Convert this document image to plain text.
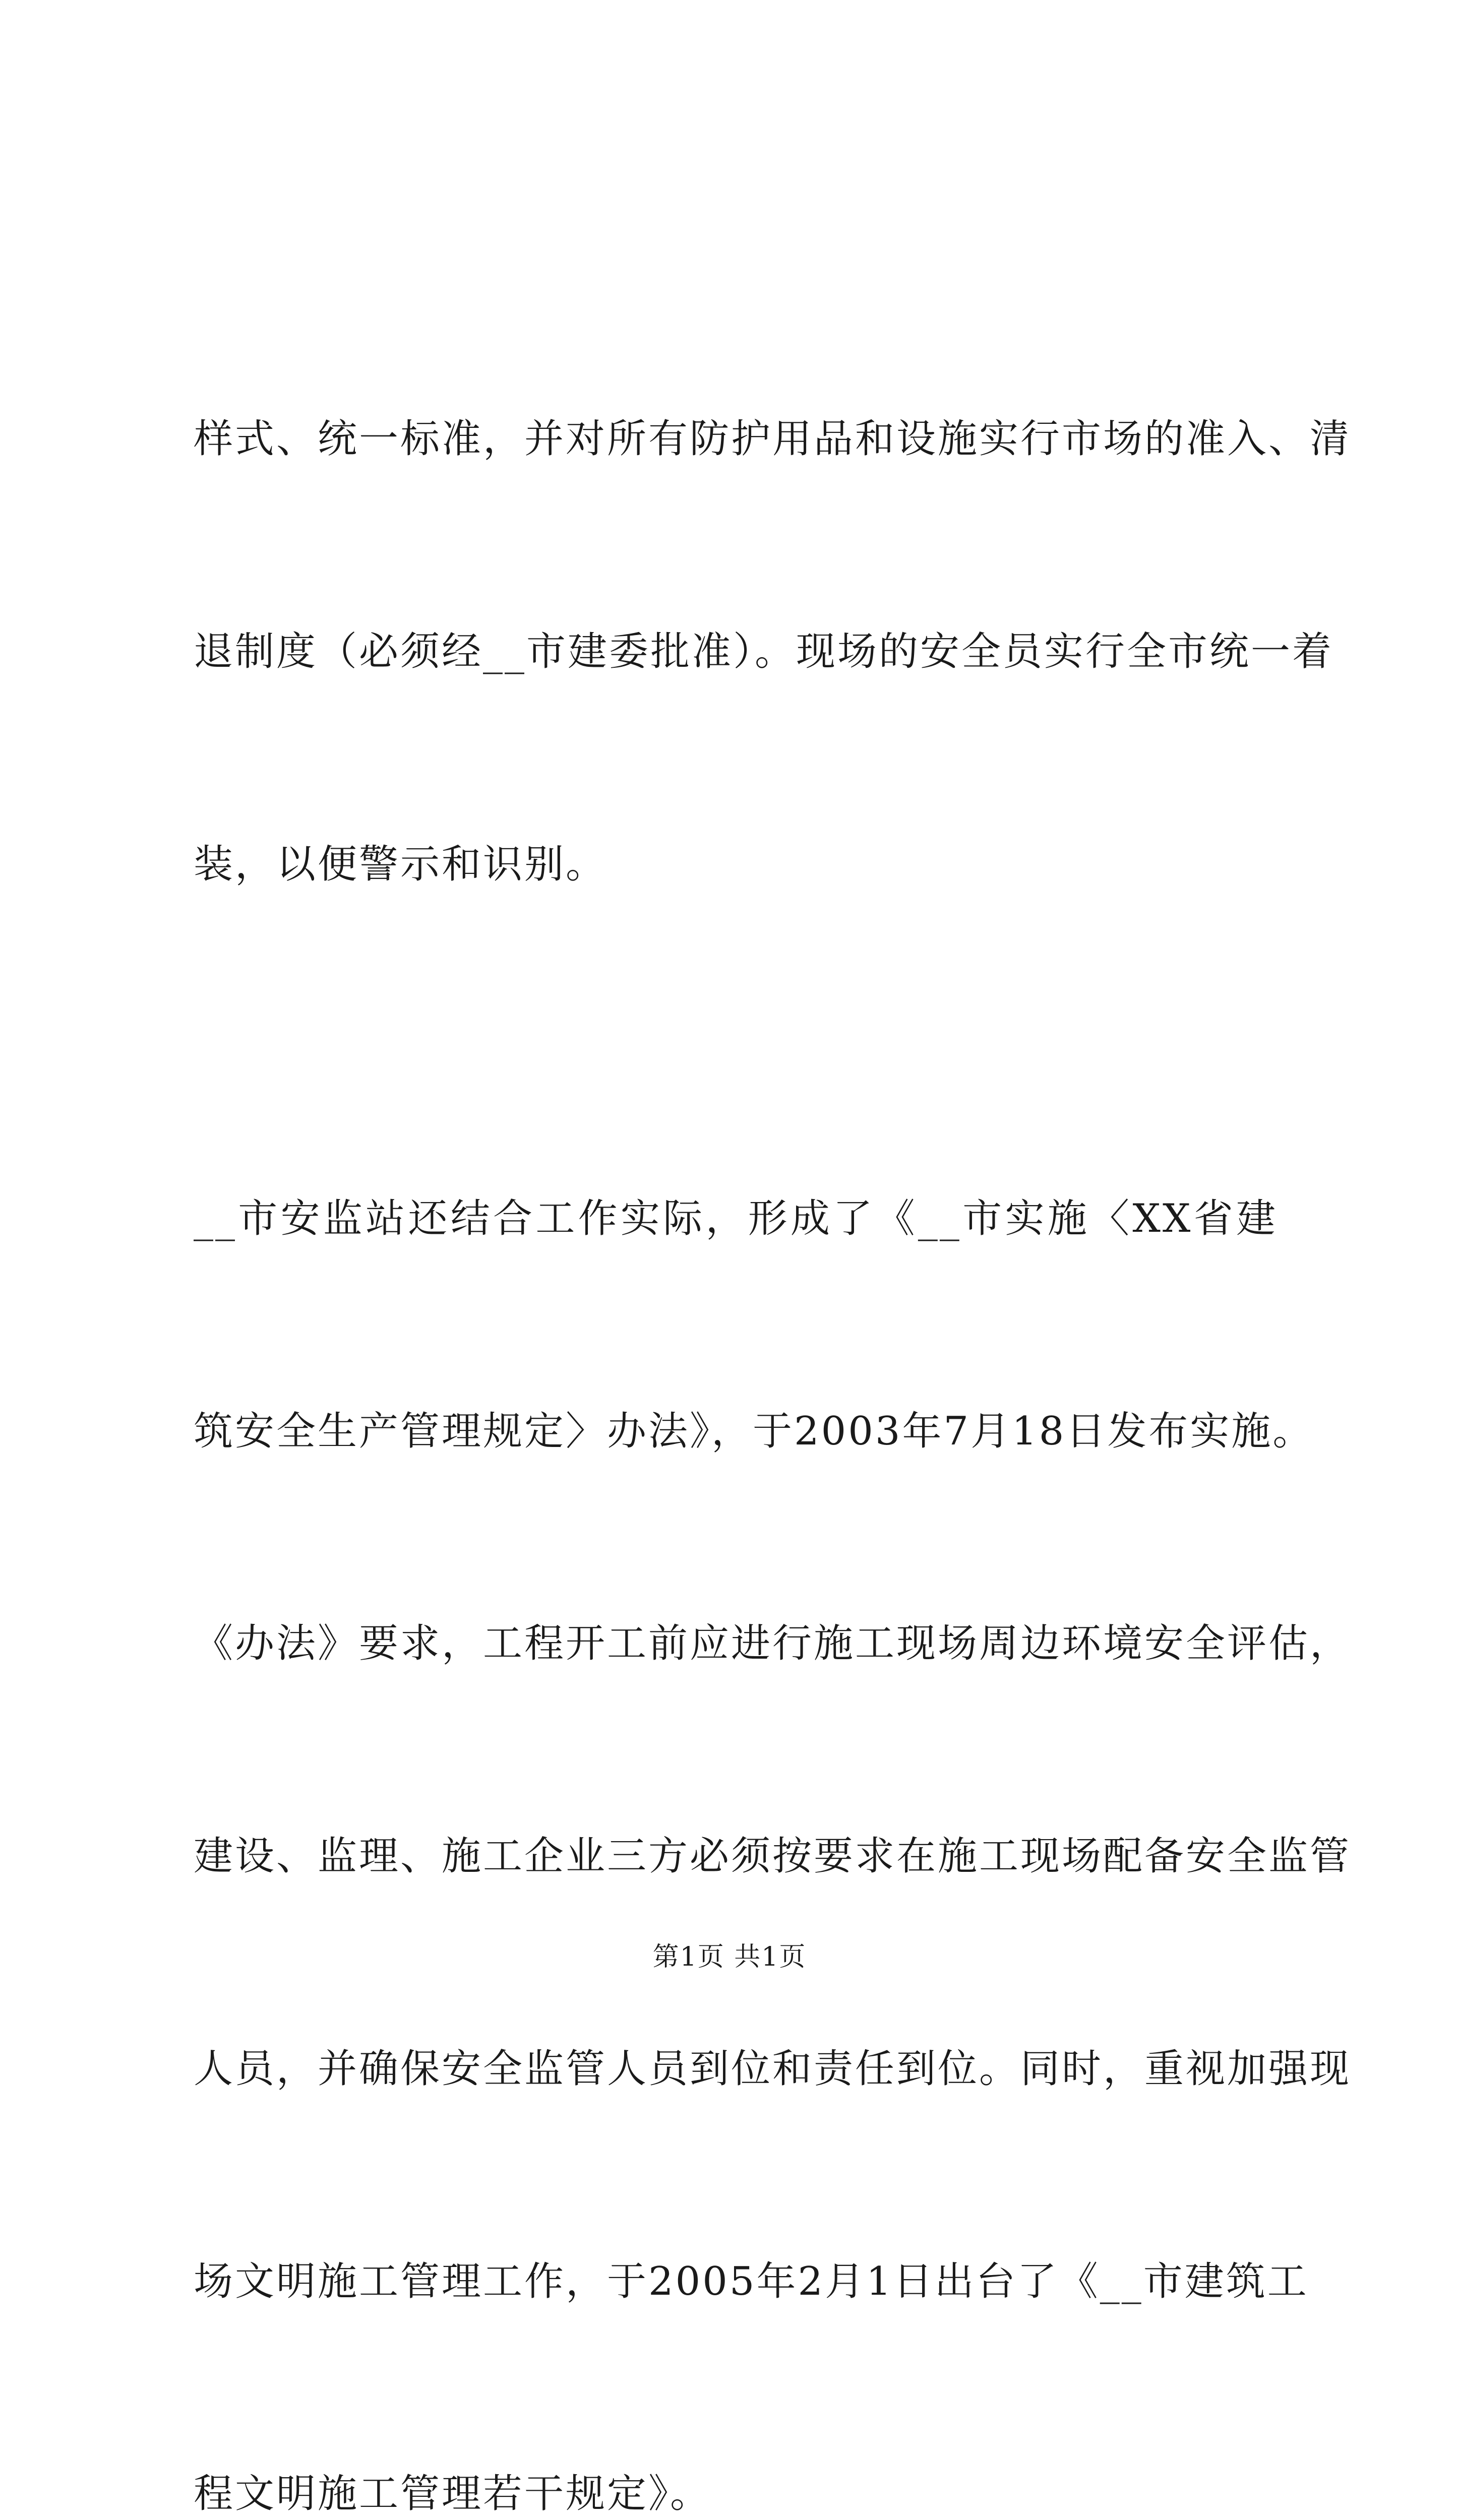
样式、统一标准，并对所有防护用品和设施实行市场的准入、清

退制度（必须经__市建委批准）。现场的安全员实行全市统一着

装，以便警示和识别。

__市安监站还结合工作实际，形成了《__市实施〈XX省建

筑安全生产管理规定〉办法》，于2003年7月18日发布实施。

《办法》要求，工程开工前应进行施工现场周边环境安全评估，

建设、监理、施工企业三方必须按要求在施工现场配备安全监管

人员，并确保安全监管人员到位和责任到位。同时，重视加强现

场文明施工管理工作，于2005年2月1日出台了《__市建筑工

程文明施工管理若干规定》。

第1页 共1页
